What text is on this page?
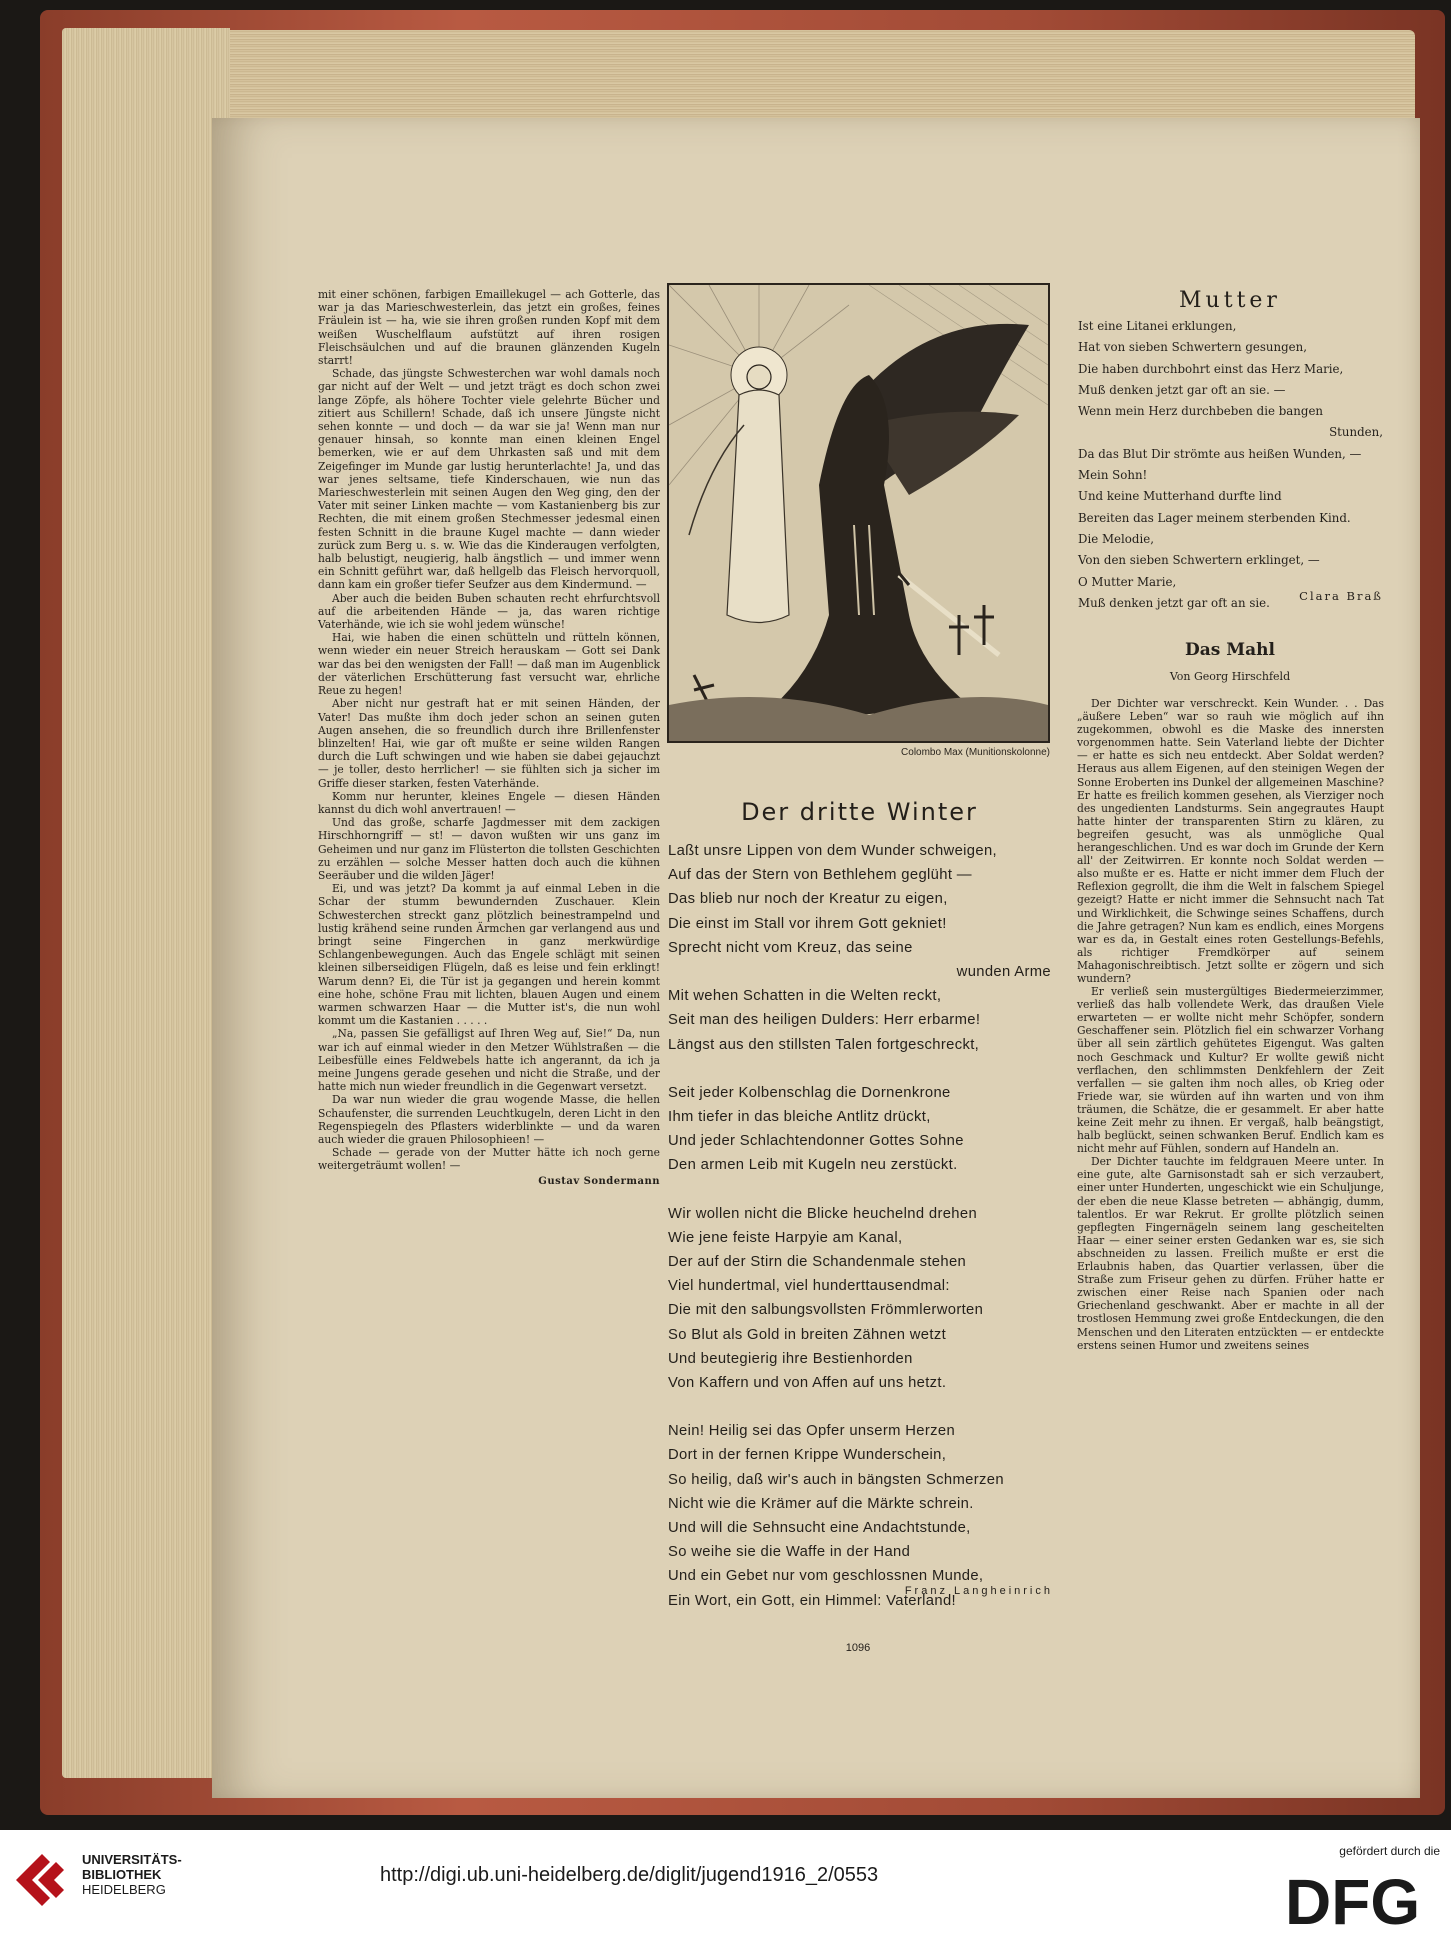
mit einer schönen, farbigen Emaillekugel — ach Gotterle, das war ja das Marieschwesterlein, das jetzt ein großes, feines Fräulein ist — ha, wie sie ihren großen runden Kopf mit dem weißen Wuschelflaum aufstützt auf ihren rosigen Fleischsäulchen und auf die braunen glänzenden Kugeln starrt!

Schade, das jüngste Schwesterchen war wohl damals noch gar nicht auf der Welt — und jetzt trägt es doch schon zwei lange Zöpfe, als höhere Tochter viele gelehrte Bücher und zitiert aus Schillern! Schade, daß ich unsere Jüngste nicht sehen konnte — und doch — da war sie ja! Wenn man nur genauer hinsah, so konnte man einen kleinen Engel bemerken, wie er auf dem Uhrkasten saß und mit dem Zeigefinger im Munde gar lustig herunterlachte! Ja, und das war jenes seltsame, tiefe Kinderschauen, wie nun das Marieschwesterlein mit seinen Augen den Weg ging, den der Vater mit seiner Linken machte — vom Kastanienberg bis zur Rechten, die mit einem großen Stechmesser jedesmal einen festen Schnitt in die braune Kugel machte — dann wieder zurück zum Berg u. s. w. Wie das die Kinderaugen verfolgten, halb belustigt, neugierig, halb ängstlich — und immer wenn ein Schnitt geführt war, daß hellgelb das Fleisch hervorquoll, dann kam ein großer tiefer Seufzer aus dem Kindermund. —

Aber auch die beiden Buben schauten recht ehrfurchtsvoll auf die arbeitenden Hände — ja, das waren richtige Vaterhände, wie ich sie wohl jedem wünsche!

Hai, wie haben die einen schütteln und rütteln können, wenn wieder ein neuer Streich herauskam — Gott sei Dank war das bei den wenigsten der Fall! — daß man im Augenblick der väterlichen Erschütterung fast versucht war, ehrliche Reue zu hegen!

Aber nicht nur gestraft hat er mit seinen Händen, der Vater! Das mußte ihm doch jeder schon an seinen guten Augen ansehen, die so freundlich durch ihre Brillenfenster blinzelten! Hai, wie gar oft mußte er seine wilden Rangen durch die Luft schwingen und wie haben sie dabei gejauchzt — je toller, desto herrlicher! — sie fühlten sich ja sicher im Griffe dieser starken, festen Vaterhände.

Komm nur herunter, kleines Engele — diesen Händen kannst du dich wohl anvertrauen! —

Und das große, scharfe Jagdmesser mit dem zackigen Hirschhorngriff — st! — davon wußten wir uns ganz im Geheimen und nur ganz im Flüsterton die tollsten Geschichten zu erzählen — solche Messer hatten doch auch die kühnen Seeräuber und die wilden Jäger!

Ei, und was jetzt? Da kommt ja auf einmal Leben in die Schar der stumm bewundernden Zuschauer. Klein Schwesterchen streckt ganz plötzlich beinestrampelnd und lustig krähend seine runden Ärmchen gar verlangend aus und bringt seine Fingerchen in ganz merkwürdige Schlangenbewegungen. Auch das Engele schlägt mit seinen kleinen silberseidigen Flügeln, daß es leise und fein erklingt! Warum denn? Ei, die Tür ist ja gegangen und herein kommt eine hohe, schöne Frau mit lichten, blauen Augen und einem warmen schwarzen Haar — die Mutter ist's, die nun wohl kommt um die Kastanien . . . . .

„Na, passen Sie gefälligst auf Ihren Weg auf, Sie!“ Da, nun war ich auf einmal wieder in den Metzer Wühlstraßen — die Leibesfülle eines Feldwebels hatte ich angerannt, da ich ja meine Jungens gerade gesehen und nicht die Straße, und der hatte mich nun wieder freundlich in die Gegenwart versetzt.

Da war nun wieder die grau wogende Masse, die hellen Schaufenster, die surrenden Leuchtkugeln, deren Licht in den Regenspiegeln des Pflasters widerblinkte — und da waren auch wieder die grauen Philosophieen! —

Schade — gerade von der Mutter hätte ich noch gerne weitergeträumt wollen! —

Gustav Sondermann
Colombo Max (Munitionskolonne)
Der dritte Winter
Laßt unsre Lippen von dem Wunder schweigen,
Auf das der Stern von Bethlehem geglüht —
Das blieb nur noch der Kreatur zu eigen,
Die einst im Stall vor ihrem Gott gekniet!
Sprecht nicht vom Kreuz, das seine
wunden Arme
Mit wehen Schatten in die Welten reckt,
Seit man des heiligen Dulders: Herr erbarme!
Längst aus den stillsten Talen fortgeschreckt,
Seit jeder Kolbenschlag die Dornenkrone
Ihm tiefer in das bleiche Antlitz drückt,
Und jeder Schlachtendonner Gottes Sohne
Den armen Leib mit Kugeln neu zerstückt.
Wir wollen nicht die Blicke heuchelnd drehen
Wie jene feiste Harpyie am Kanal,
Der auf der Stirn die Schandenmale stehen
Viel hundertmal, viel hunderttausendmal:
Die mit den salbungsvollsten Frömmlerworten
So Blut als Gold in breiten Zähnen wetzt
Und beutegierig ihre Bestienhorden
Von Kaffern und von Affen auf uns hetzt.
Nein! Heilig sei das Opfer unserm Herzen
Dort in der fernen Krippe Wunderschein,
So heilig, daß wir's auch in bängsten Schmerzen
Nicht wie die Krämer auf die Märkte schrein.
Und will die Sehnsucht eine Andachtstunde,
So weihe sie die Waffe in der Hand
Und ein Gebet nur vom geschlossnen Munde,
Ein Wort, ein Gott, ein Himmel: Vaterland!
Franz Langheinrich
Mutter
Ist eine Litanei erklungen,
Hat von sieben Schwertern gesungen,
Die haben durchbohrt einst das Herz Marie,
Muß denken jetzt gar oft an sie. —
Wenn mein Herz durchbeben die bangen
Stunden,
Da das Blut Dir strömte aus heißen Wunden, —
Mein Sohn!
Und keine Mutterhand durfte lind
Bereiten das Lager meinem sterbenden Kind.
Die Melodie,
Von den sieben Schwertern erklinget, —
O Mutter Marie,
Muß denken jetzt gar oft an sie.	Clara Braß
Das Mahl
Von Georg Hirschfeld

Der Dichter war verschreckt. Kein Wunder. . . Das „äußere Leben“ war so rauh wie möglich auf ihn zugekommen, obwohl es die Maske des innersten vorgenommen hatte. Sein Vaterland liebte der Dichter — er hatte es sich neu entdeckt. Aber Soldat werden? Heraus aus allem Eigenen, auf den steinigen Wegen der Sonne Eroberten ins Dunkel der allgemeinen Maschine? Er hatte es freilich kommen gesehen, als Vierziger noch des ungedienten Landsturms. Sein angegrautes Haupt hatte hinter der transparenten Stirn zu klären, zu begreifen gesucht, was als unmögliche Qual herangeschlichen. Und es war doch im Grunde der Kern all' der Zeitwirren. Er konnte noch Soldat werden — also mußte er es. Hatte er nicht immer dem Fluch der Reflexion gegrollt, die ihm die Welt in falschem Spiegel gezeigt? Hatte er nicht immer die Sehnsucht nach Tat und Wirklichkeit, die Schwinge seines Schaffens, durch die Jahre getragen? Nun kam es endlich, eines Morgens war es da, in Gestalt eines roten Gestellungs-Befehls, als richtiger Fremdkörper auf seinem Mahagonischreibtisch. Jetzt sollte er zögern und sich wundern?

Er verließ sein mustergültiges Biedermeierzimmer, verließ das halb vollendete Werk, das draußen Viele erwarteten — er wollte nicht mehr Schöpfer, sondern Geschaffener sein. Plötzlich fiel ein schwarzer Vorhang über all sein zärtlich gehütetes Eigengut. Was galten noch Geschmack und Kultur? Er wollte gewiß nicht verflachen, den schlimmsten Denkfehlern der Zeit verfallen — sie galten ihm noch alles, ob Krieg oder Friede war, sie würden auf ihn warten und von ihm träumen, die Schätze, die er gesammelt. Er aber hatte keine Zeit mehr zu ihnen. Er vergaß, halb beängstigt, halb beglückt, seinen schwanken Beruf. Endlich kam es nicht mehr auf Fühlen, sondern auf Handeln an.

Der Dichter tauchte im feldgrauen Meere unter. In eine gute, alte Garnisonstadt sah er sich verzaubert, einer unter Hunderten, ungeschickt wie ein Schuljunge, der eben die neue Klasse betreten — abhängig, dumm, talentlos. Er war Rekrut. Er grollte plötzlich seinen gepflegten Fingernägeln seinem lang gescheitelten Haar — einer seiner ersten Gedanken war es, sie sich abschneiden zu lassen. Freilich mußte er erst die Erlaubnis haben, das Quartier verlassen, über die Straße zum Friseur gehen zu dürfen. Früher hatte er zwischen einer Reise nach Spanien oder nach Griechenland geschwankt. Aber er machte in all der trostlosen Hemmung zwei große Entdeckungen, die den Menschen und den Literaten entzückten — er entdeckte erstens seinen Humor und zweitens seines

1096
UNIVERSITÄTS-
BIBLIOTHEK
HEIDELBERG
http://digi.ub.uni-heidelberg.de/diglit/jugend1916_2/0553
gefördert durch die
DFG
